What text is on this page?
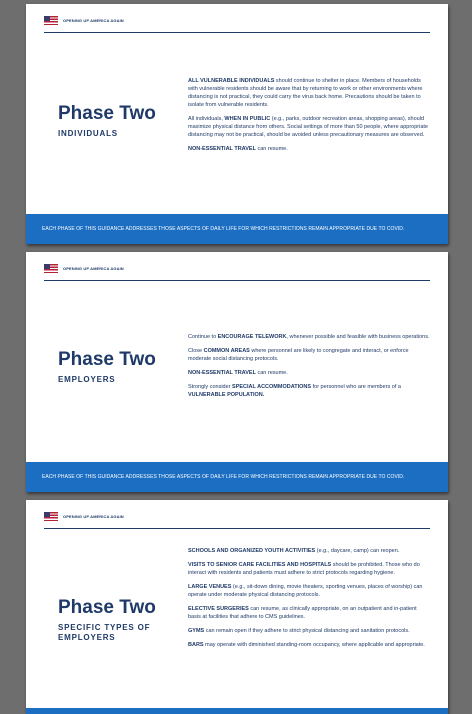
OPENING UP AMERICA AGAIN
Phase Two
INDIVIDUALS

ALL VULNERABLE INDIVIDUALS should continue to shelter in place. Members of households with vulnerable residents should be aware that by returning to work or other environments where distancing is not practical, they could carry the virus back home. Precautions should be taken to isolate from vulnerable residents.

All individuals, WHEN IN PUBLIC (e.g., parks, outdoor recreation areas, shopping areas), should maximize physical distance from others. Social settings of more than 50 people, where appropriate distancing may not be practical, should be avoided unless precautionary measures are observed.

NON-ESSENTIAL TRAVEL can resume.

EACH PHASE OF THIS GUIDANCE ADDRESSES THOSE ASPECTS OF DAILY LIFE FOR WHICH RESTRICTIONS REMAIN APPROPRIATE DUE TO COVID.
OPENING UP AMERICA AGAIN
Phase Two
EMPLOYERS

Continue to ENCOURAGE TELEWORK, whenever possible and feasible with business operations.

Close COMMON AREAS where personnel are likely to congregate and interact, or enforce moderate social distancing protocols.

NON-ESSENTIAL TRAVEL can resume.

Strongly consider SPECIAL ACCOMMODATIONS for personnel who are members of a VULNERABLE POPULATION.

EACH PHASE OF THIS GUIDANCE ADDRESSES THOSE ASPECTS OF DAILY LIFE FOR WHICH RESTRICTIONS REMAIN APPROPRIATE DUE TO COVID.
OPENING UP AMERICA AGAIN
Phase Two
SPECIFIC TYPES OF EMPLOYERS

SCHOOLS AND ORGANIZED YOUTH ACTIVITIES (e.g., daycare, camp) can reopen.

VISITS TO SENIOR CARE FACILITIES AND HOSPITALS should be prohibited. Those who do interact with residents and patients must adhere to strict protocols regarding hygiene.

LARGE VENUES (e.g., sit-down dining, movie theaters, sporting venues, places of worship) can operate under moderate physical distancing protocols.

ELECTIVE SURGERIES can resume, as clinically appropriate, on an outpatient and in-patient basis at facilities that adhere to CMS guidelines.

GYMS can remain open if they adhere to strict physical distancing and sanitation protocols.

BARS may operate with diminished standing-room occupancy, where applicable and appropriate.
